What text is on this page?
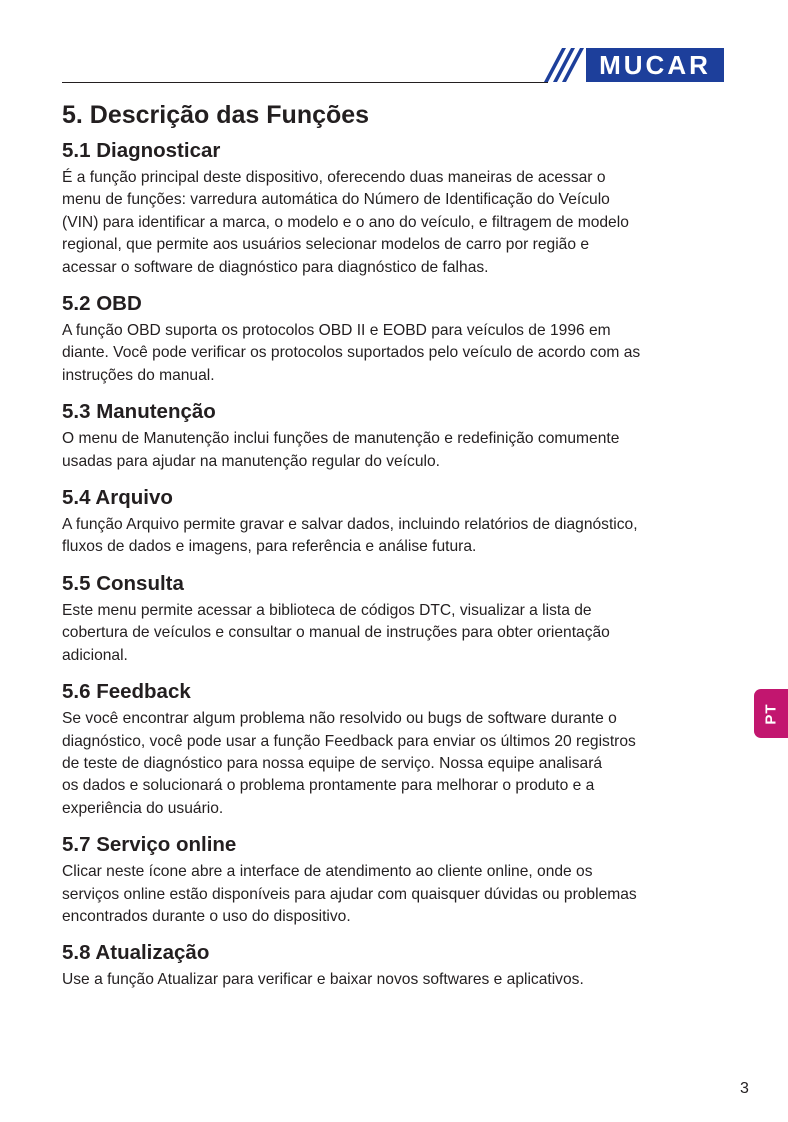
MUCAR
5. Descrição das Funções
5.1 Diagnosticar

É a função principal deste dispositivo, oferecendo duas maneiras de acessar o
menu de funções: varredura automática do Número de Identificação do Veículo
(VIN) para identificar a marca, o modelo e o ano do veículo, e filtragem de modelo
regional, que permite aos usuários selecionar modelos de carro por região e
acessar o software de diagnóstico para diagnóstico de falhas.

5.2 OBD

A função OBD suporta os protocolos OBD II e EOBD para veículos de 1996 em
diante. Você pode verificar os protocolos suportados pelo veículo de acordo com as
instruções do manual.

5.3 Manutenção

O menu de Manutenção inclui funções de manutenção e redefinição comumente
usadas para ajudar na manutenção regular do veículo.

5.4 Arquivo

A função Arquivo permite gravar e salvar dados, incluindo relatórios de diagnóstico,
fluxos de dados e imagens, para referência e análise futura.

5.5 Consulta

Este menu permite acessar a biblioteca de códigos DTC, visualizar a lista de
cobertura de veículos e consultar o manual de instruções para obter orientação
adicional.

5.6 Feedback

Se você encontrar algum problema não resolvido ou bugs de software durante o
diagnóstico, você pode usar a função Feedback para enviar os últimos 20 registros
de teste de diagnóstico para nossa equipe de serviço. Nossa equipe analisará
os dados e solucionará o problema prontamente para melhorar o produto e a
experiência do usuário.

5.7 Serviço online

Clicar neste ícone abre a interface de atendimento ao cliente online, onde os
serviços online estão disponíveis para ajudar com quaisquer dúvidas ou problemas
encontrados durante o uso do dispositivo.

5.8 Atualização

Use a função Atualizar para verificar e baixar novos softwares e aplicativos.

PT
3
